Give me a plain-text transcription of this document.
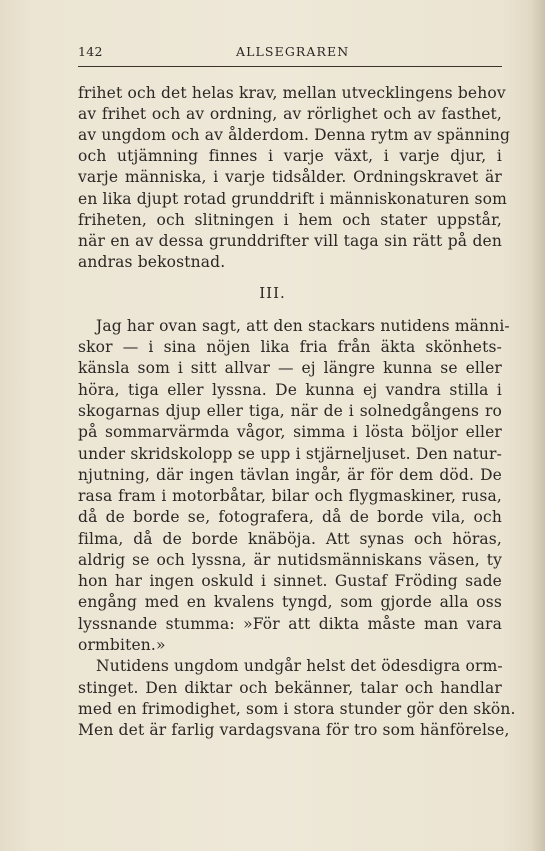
142	ALLSEGRAREN
frihet och det helas krav, mellan utvecklingens behov
av frihet och av ordning, av rörlighet och av fasthet,
av ungdom och av ålderdom. Denna rytm av spänning
och utjämning finnes i varje växt, i varje djur, i
varje människa, i varje tidsålder. Ordningskravet är
en lika djupt rotad grunddrift i människonaturen som
friheten, och slitningen i hem och stater uppstår,
när en av dessa grunddrifter vill taga sin rätt på den
andras bekostnad.
III.
Jag har ovan sagt, att den stackars nutidens männi-
skor — i sina nöjen lika fria från äkta skönhets-
känsla som i sitt allvar — ej längre kunna se eller
höra, tiga eller lyssna. De kunna ej vandra stilla i
skogarnas djup eller tiga, när de i solnedgångens ro
på sommarvärmda vågor, simma i lösta böljor eller
under skridskolopp se upp i stjärneljuset. Den natur-
njutning, där ingen tävlan ingår, är för dem död. De
rasa fram i motorbåtar, bilar och flygmaskiner, rusa,
då de borde se, fotografera, då de borde vila, och
filma, då de borde knäböja. Att synas och höras,
aldrig se och lyssna, är nutidsmänniskans väsen, ty
hon har ingen oskuld i sinnet. Gustaf Fröding sade
engång med en kvalens tyngd, som gjorde alla oss
lyssnande stumma: »För att dikta måste man vara
ormbiten.»
Nutidens ungdom undgår helst det ödesdigra orm-
stinget. Den diktar och bekänner, talar och handlar
med en frimodighet, som i stora stunder gör den skön.
Men det är farlig vardagsvana för tro som hänförelse,
